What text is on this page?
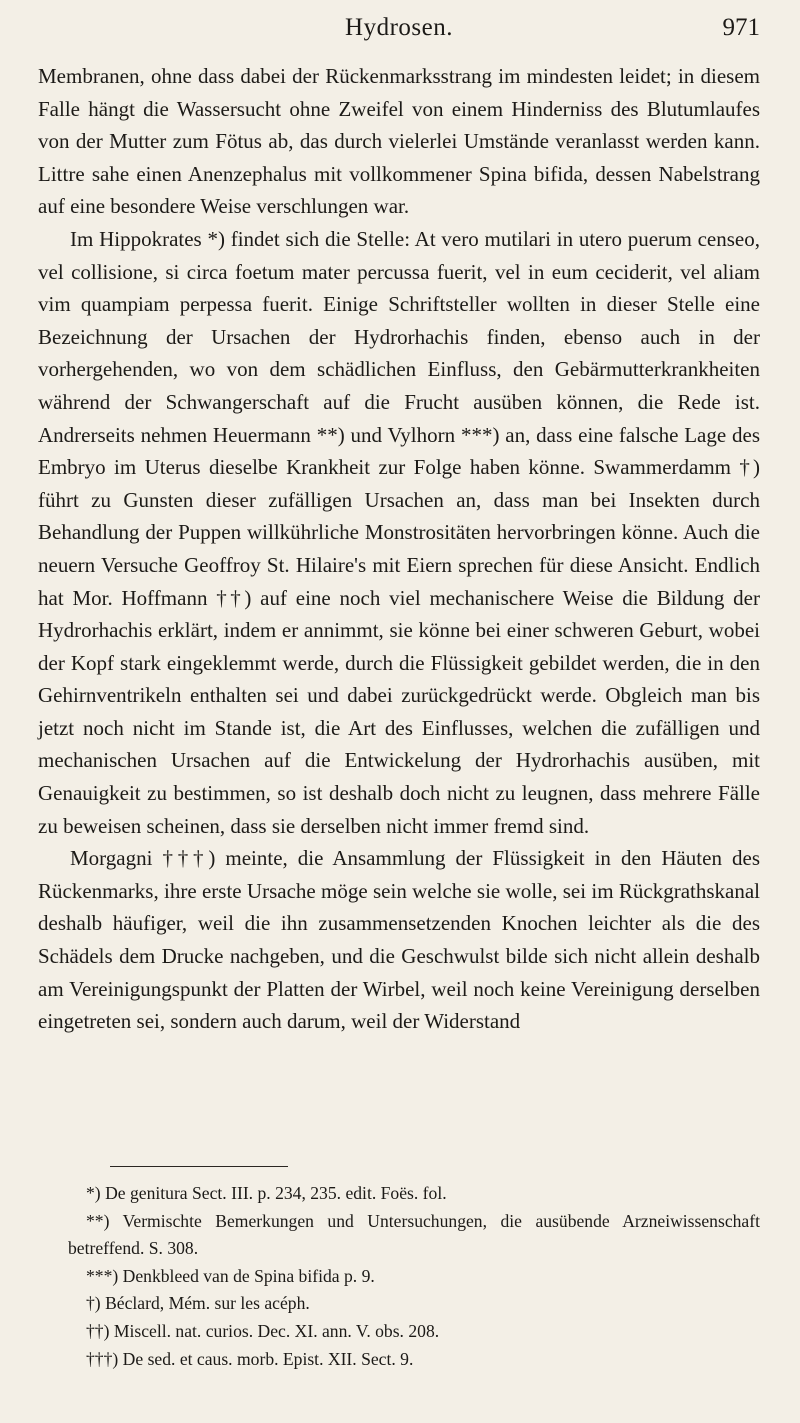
Hydrosen.	971

Membranen, ohne dass dabei der Rückenmarksstrang im mindesten leidet; in diesem Falle hängt die Wassersucht ohne Zweifel von einem Hinderniss des Blutumlaufes von der Mutter zum Fötus ab, das durch vielerlei Umstände veranlasst werden kann. Littre sahe einen Anenzephalus mit vollkommener Spina bifida, dessen Nabelstrang auf eine besondere Weise verschlungen war.

Im Hippokrates *) findet sich die Stelle: At vero mutilari in utero puerum censeo, vel collisione, si circa foetum mater percussa fuerit, vel in eum ceciderit, vel aliam vim quampiam perpessa fuerit. Einige Schriftsteller wollten in dieser Stelle eine Bezeichnung der Ursachen der Hydrorhachis finden, ebenso auch in der vorhergehenden, wo von dem schädlichen Einfluss, den Gebärmutterkrankheiten während der Schwangerschaft auf die Frucht ausüben können, die Rede ist. Andrerseits nehmen Heuermann **) und Vylhorn ***) an, dass eine falsche Lage des Embryo im Uterus dieselbe Krankheit zur Folge haben könne. Swammerdamm †) führt zu Gunsten dieser zufälligen Ursachen an, dass man bei Insekten durch Behandlung der Puppen willkührliche Monstrositäten hervorbringen könne. Auch die neuern Versuche Geoffroy St. Hilaire's mit Eiern sprechen für diese Ansicht. Endlich hat Mor. Hoffmann ††) auf eine noch viel mechanischere Weise die Bildung der Hydrorhachis erklärt, indem er annimmt, sie könne bei einer schweren Geburt, wobei der Kopf stark eingeklemmt werde, durch die Flüssigkeit gebildet werden, die in den Gehirnventrikeln enthalten sei und dabei zurückgedrückt werde. Obgleich man bis jetzt noch nicht im Stande ist, die Art des Einflusses, welchen die zufälligen und mechanischen Ursachen auf die Entwickelung der Hydrorhachis ausüben, mit Genauigkeit zu bestimmen, so ist deshalb doch nicht zu leugnen, dass mehrere Fälle zu beweisen scheinen, dass sie derselben nicht immer fremd sind.

Morgagni †††) meinte, die Ansammlung der Flüssigkeit in den Häuten des Rückenmarks, ihre erste Ursache möge sein welche sie wolle, sei im Rückgrathskanal deshalb häufiger, weil die ihn zusammensetzenden Knochen leichter als die des Schädels dem Drucke nachgeben, und die Geschwulst bilde sich nicht allein deshalb am Vereinigungspunkt der Platten der Wirbel, weil noch keine Vereinigung derselben eingetreten sei, sondern auch darum, weil der Widerstand

*) De genitura Sect. III. p. 234, 235. edit. Foës. fol.

**) Vermischte Bemerkungen und Untersuchungen, die ausübende Arzneiwissenschaft betreffend. S. 308.

***) Denkbleed van de Spina bifida p. 9.

†) Béclard, Mém. sur les acéph.

††) Miscell. nat. curios. Dec. XI. ann. V. obs. 208.

†††) De sed. et caus. morb. Epist. XII. Sect. 9.
